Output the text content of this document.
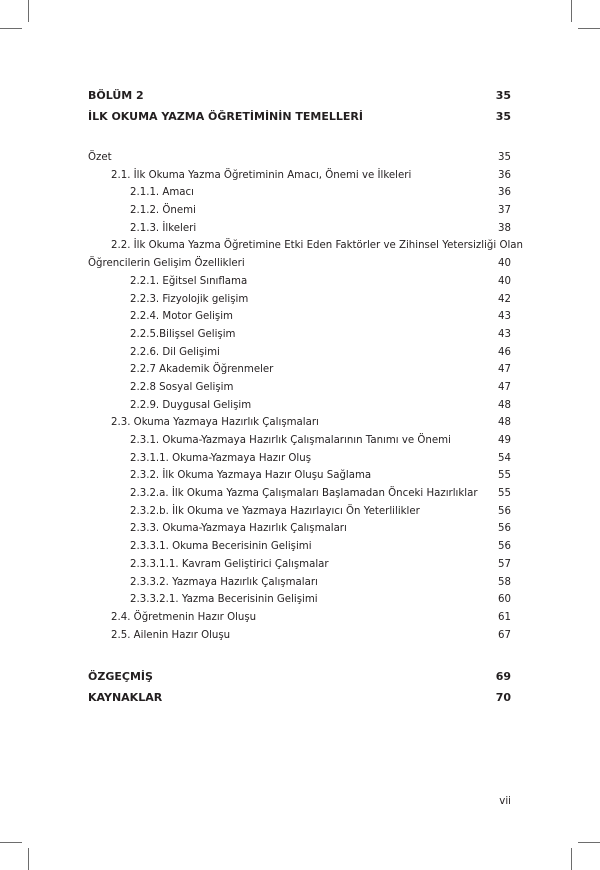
BÖLÜM 2	35
İLK OKUMA YAZMA ÖĞRETİMİNİN TEMELLERİ	35
Özet	35
2.1. İlk Okuma Yazma Öğretiminin Amacı, Önemi ve İlkeleri	36
2.1.1. Amacı	36
2.1.2. Önemi	37
2.1.3. İlkeleri	38
2.2. İlk Okuma Yazma Öğretimine Etki Eden Faktörler ve Zihinsel Yetersizliği Olan
Öğrencilerin Gelişim Özellikleri	40
2.2.1. Eğitsel Sınıflama	40
2.2.3. Fizyolojik gelişim	42
2.2.4. Motor Gelişim	43
2.2.5.Bilişsel Gelişim	43
2.2.6. Dil Gelişimi	46
2.2.7 Akademik Öğrenmeler	47
2.2.8 Sosyal Gelişim	47
2.2.9. Duygusal Gelişim	48
2.3. Okuma Yazmaya Hazırlık Çalışmaları	48
2.3.1. Okuma-Yazmaya Hazırlık Çalışmalarının Tanımı ve Önemi	49
2.3.1.1. Okuma-Yazmaya Hazır Oluş	54
2.3.2. İlk Okuma Yazmaya Hazır Oluşu Sağlama	55
2.3.2.a. İlk Okuma Yazma Çalışmaları Başlamadan Önceki Hazırlıklar 55
2.3.2.b. İlk Okuma ve Yazmaya Hazırlayıcı Ön Yeterlilikler	56
2.3.3. Okuma-Yazmaya Hazırlık Çalışmaları	56
2.3.3.1. Okuma Becerisinin Gelişimi	56
2.3.3.1.1. Kavram Geliştirici Çalışmalar	57
2.3.3.2. Yazmaya Hazırlık Çalışmaları	58
2.3.3.2.1. Yazma Becerisinin Gelişimi	60
2.4. Öğretmenin Hazır Oluşu	61
2.5. Ailenin Hazır Oluşu	67
ÖZGEÇMİŞ	69
KAYNAKLAR	70
vii
